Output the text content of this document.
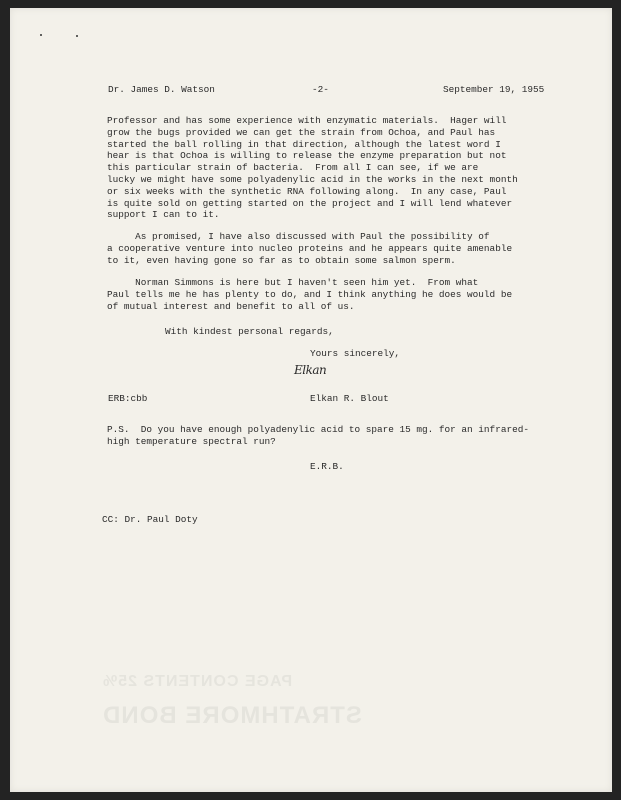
Dr. James D. Watson	-2-	September 19, 1955
Professor and has some experience with enzymatic materials.  Hager will
grow the bugs provided we can get the strain from Ochoa, and Paul has
started the ball rolling in that direction, although the latest word I
hear is that Ochoa is willing to release the enzyme preparation but not
this particular strain of bacteria.  From all I can see, if we are
lucky we might have some polyadenylic acid in the works in the next month
or six weeks with the synthetic RNA following along.  In any case, Paul
is quite sold on getting started on the project and I will lend whatever
support I can to it.
As promised, I have also discussed with Paul the possibility of
a cooperative venture into nucleo proteins and he appears quite amenable
to it, even having gone so far as to obtain some salmon sperm.
Norman Simmons is here but I haven't seen him yet.  From what
Paul tells me he has plenty to do, and I think anything he does would be
of mutual interest and benefit to all of us.
With kindest personal regards,
Yours sincerely,
Elkan
ERB:cbb	Elkan R. Blout
P.S.  Do you have enough polyadenylic acid to spare 15 mg. for an infrared-
high temperature spectral run?
E.R.B.
CC: Dr. Paul Doty
PAGE CONTENTS 25%
STRATHMORE BOND
